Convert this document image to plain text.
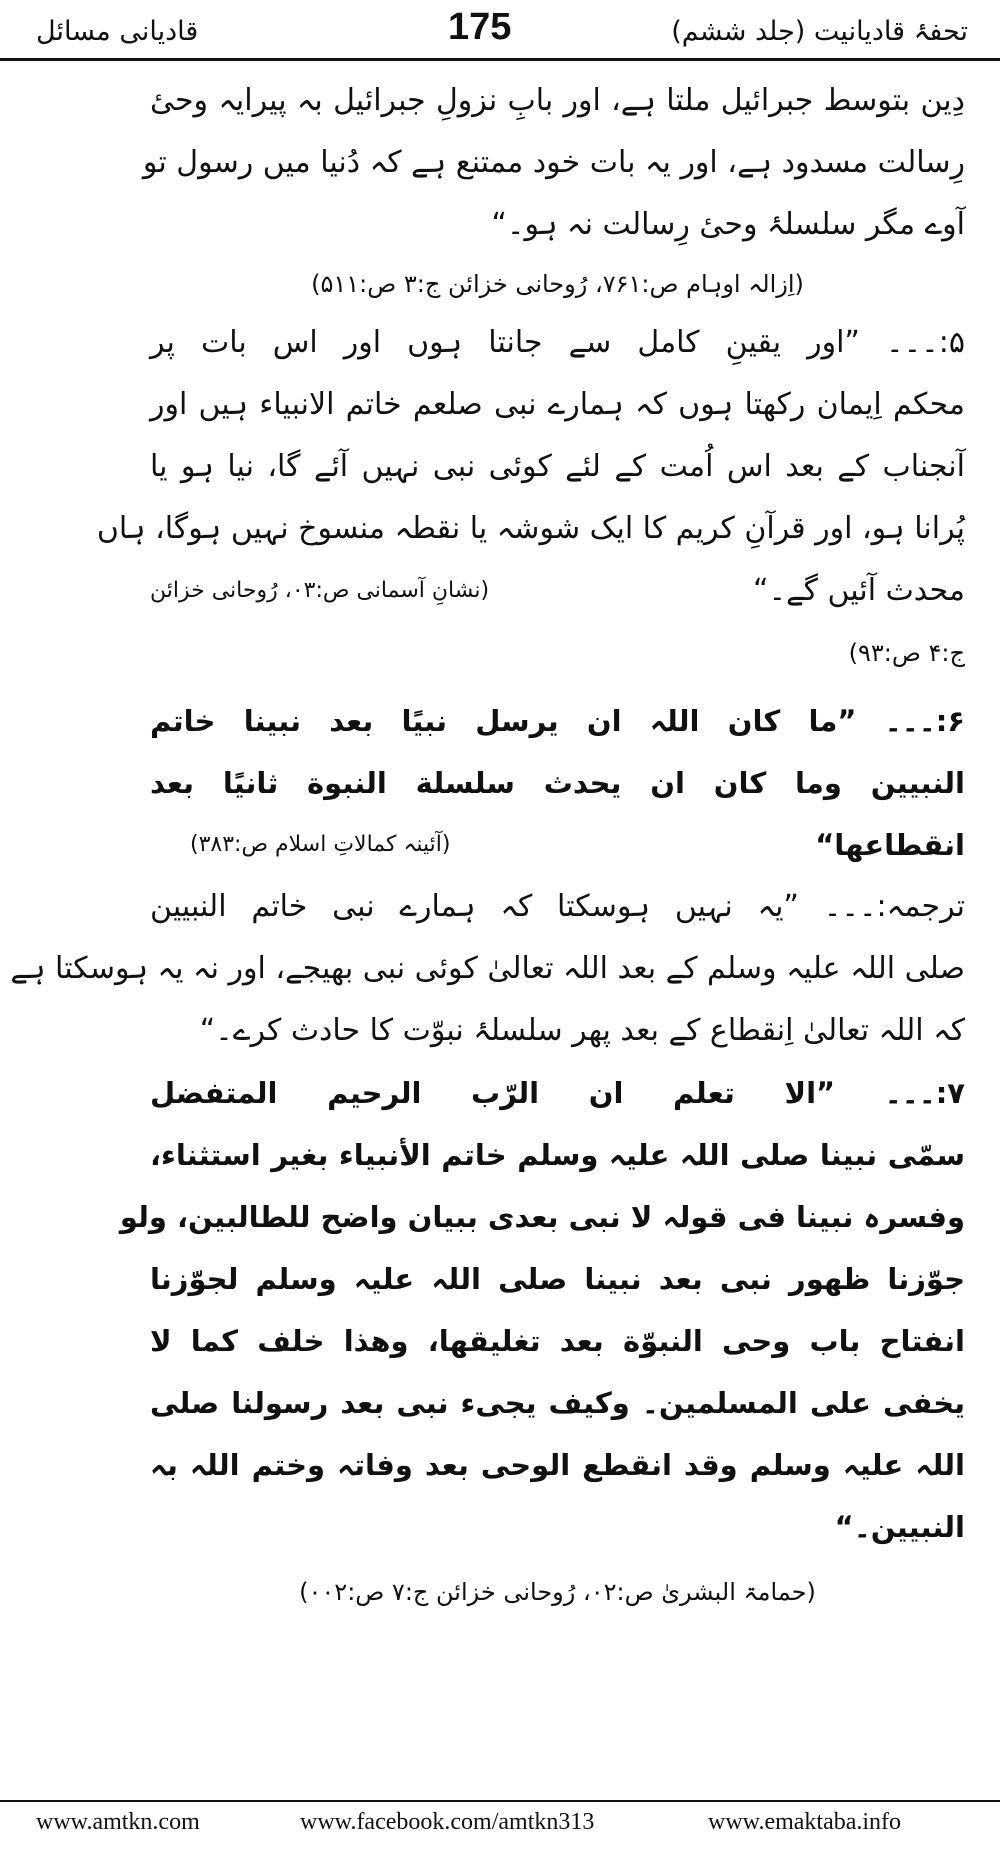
تحفۂ قادیانیت (جلد ششم)
175
قادیانی مسائل
دِین بتوسط جبرائیل ملتا ہے، اور بابِ نزولِ جبرائیل بہ پیرایہ وحیٔ
رِسالت مسدود ہے، اور یہ بات خود ممتنع ہے کہ دُنیا میں رسول تو
آوے مگر سلسلۂ وحیٔ رِسالت نہ ہو۔“
(اِزالہ اوہام ص:۷۶۱، رُوحانی خزائن ج:۳ ص:۵۱۱)
۵:۔۔۔ ”اور یقینِ کامل سے جانتا ہوں اور اس بات پر
محکم اِیمان رکھتا ہوں کہ ہمارے نبی صلعم خاتم الانبیاء ہیں اور
آنجناب کے بعد اس اُمت کے لئے کوئی نبی نہیں آئے گا، نیا ہو یا
پُرانا ہو، اور قرآنِ کریم کا ایک شوشہ یا نقطہ منسوخ نہیں ہوگا، ہاں
محدث آئیں گے۔“
(نشانِ آسمانی ص:۰۳، رُوحانی خزائن
ج:۴ ص:۹۳)
۶:۔۔۔ ”ما کان اللہ ان یرسل نبیًا بعد نبینا خاتم
النبیین وما کان ان یحدث سلسلة النبوة ثانیًا بعد
انقطاعها“
(آئینہ کمالاتِ اسلام ص:۳۸۳)
ترجمہ:۔۔۔ ”یہ نہیں ہوسکتا کہ ہمارے نبی خاتم النبیین
صلی اللہ علیہ وسلم کے بعد اللہ تعالیٰ کوئی نبی بھیجے، اور نہ یہ ہوسکتا ہے
کہ اللہ تعالیٰ اِنقطاع کے بعد پھر سلسلۂ نبوّت کا حادث کرے۔“
۷:۔۔۔ ”الا تعلم ان الرّب الرحیم المتفضل
سمّی نبینا صلی اللہ علیہ وسلم خاتم الأنبیاء بغیر استثناء،
وفسرہ نبینا فی قولہ لا نبی بعدی ببیان واضح للطالبین، ولو
جوّزنا ظهور نبی بعد نبینا صلی اللہ علیہ وسلم لجوّزنا
انفتاح باب وحی النبوّة بعد تغلیقها، وهذا خلف کما لا
یخفی علی المسلمین۔ وکیف یجیء نبی بعد رسولنا صلی
اللہ علیہ وسلم وقد انقطع الوحی بعد وفاتہ وختم اللہ بہ
النبیین۔“
(حمامۃ البشریٰ ص:۰۲، رُوحانی خزائن ج:۷ ص:۰۰۲)
www.amtkn.com	www.facebook.com/amtkn313	www.emaktaba.info
